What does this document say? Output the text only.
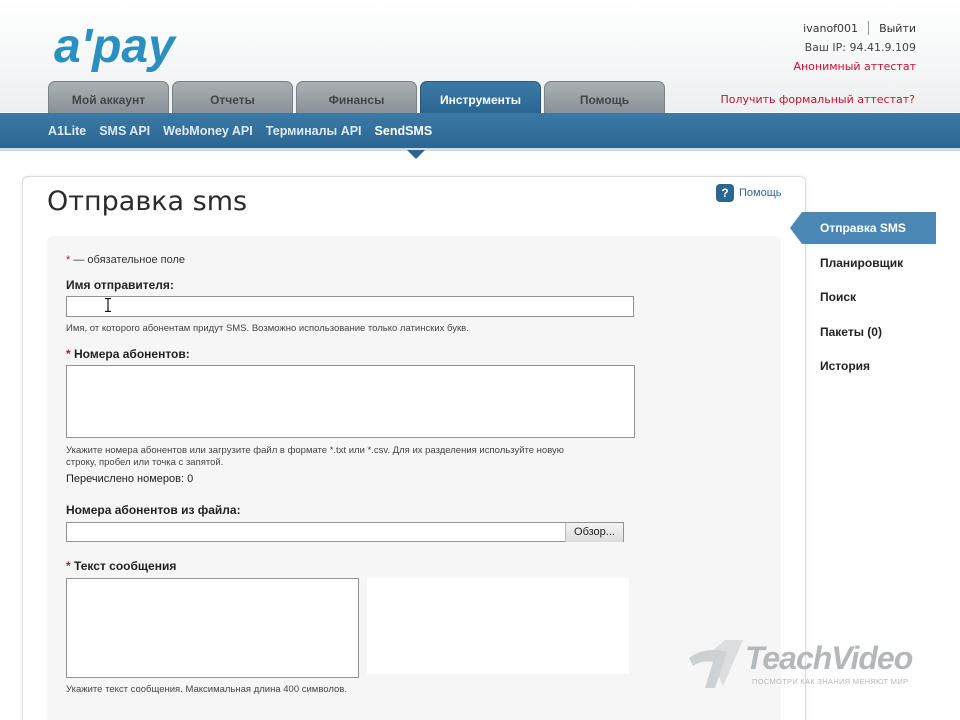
a'pay	ivanof001 Выйти
Ваш IP: 94.41.9.109
Анонимный аттестат
Получить формальный аттестат?
Мой аккаунт	Отчеты	Финансы	Инструменты	Помощь
A1Lite SMS API WebMoney API Терминалы API SendSMS
Отправка sms	? Помощь
* — обязательное поле
Имя отправителя:
Имя, от которого абонентам придут SMS. Возможно использование только латинских букв.
* Номера абонентов:
Укажите номера абонентов или загрузите файл в формате *.txt или *.csv. Для их разделения используйте новую
строку, пробел или точка с запятой.
Перечислено номеров: 0
Номера абонентов из файла:
Обзор...
* Текст сообщения
Укажите текст сообщения. Максимальная длина 400 символов.
Отправка SMS
Планировщик
Поиск
Пакеты (0)
История
TeachVideo
ПОСМОТРИ КАК ЗНАНИЯ МЕНЯЮТ МИР
